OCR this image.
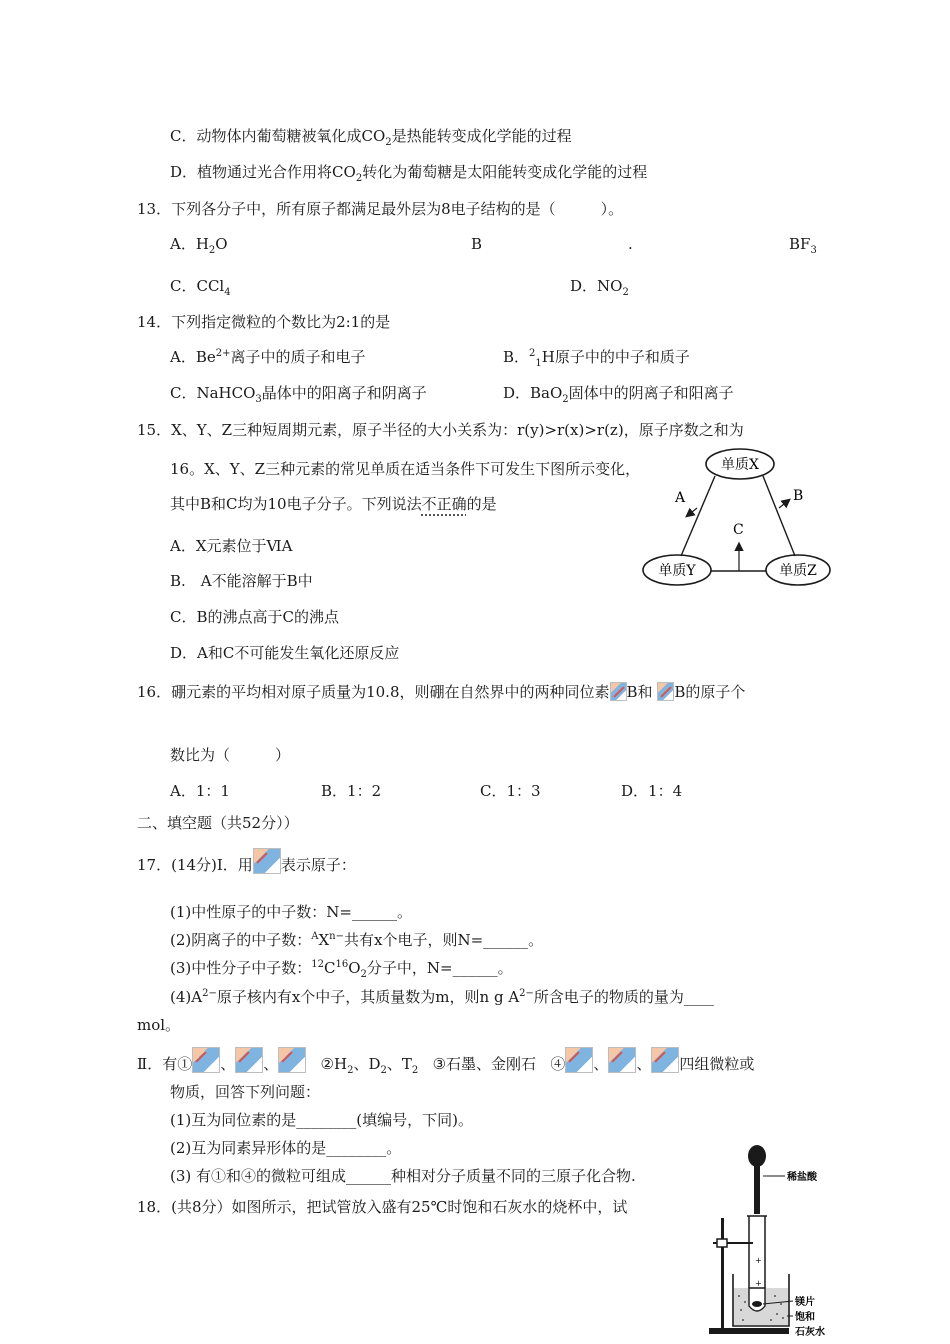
C．动物体内葡萄糖被氧化成$CO_2$是热能转变成化学能的过程
D．植物通过光合作用将$CO_2$转化为葡萄糖是太阳能转变成化学能的过程
13．下列各分子中，所有原子都满足最外层为8电子结构的是（　　　）。
A．$H_2O$	B	.	$BF_3$
C．CCl$_4$	D．$NO_2$
14．下列指定微粒的个数比为2:1的是
A．$Be^{2+}$离子中的质子和电子	B．$^2_1$H原子中的中子和质子
C．NaHCO$_3$晶体中的阳离子和阴离子	D．BaO$_2$固体中的阴离子和阳离子
15．X、Y、Z三种短周期元素，原子半径的大小关系为：r(y)>r(x)>r(z)，原子序数之和为
16。X、Y、Z三种元素的常见单质在适当条件下可发生下图所示变化，
其中B和C均为10电子分子。下列说法不正确的是
A．X元素位于ⅥA
B.　A不能溶解于B中
C．B的沸点高于C的沸点
D．A和C不可能发生氧化还原反应
单质X
单质Y	单质Z
A	B
C
16．硼元素的平均相对原子质量为10.8，则硼在自然界中的两种同位素 B和 B的原子个
数比为（　　　）
A．1：1	B．1：2	C．1：3	D．1：4
二、填空题（共52分））
17．(14分)Ⅰ．用 表示原子：
(1)中性原子的中子数：N=______。
(2)阴离子的中子数：$^AX^{n-}$共有x个电子，则N=______。
(3)中性分子中子数：$^{12}C^{16}O_2$分子中，N=______。
$(4)A^{2-}$原子核内有x个中子，其质量数为m，则n g $A^{2-}$所含电子的物质的量为____
mol。
Ⅱ．有① 、 、	$②H_2$、$D_2$、$T_2$ ③石墨、金刚石 ④ 、 、 四组微粒或
物质，回答下列问题：
(1)互为同位素的是________(填编号，下同)。
(2)互为同素异形体的是________。
(3) 有①和④的微粒可组成______种相对分子质量不同的三原子化合物.
18．(共8分）如图所示，把试管放入盛有25℃时饱和石灰水的烧杯中，试
稀盐酸
+
+
镁片
饱和
石灰水
